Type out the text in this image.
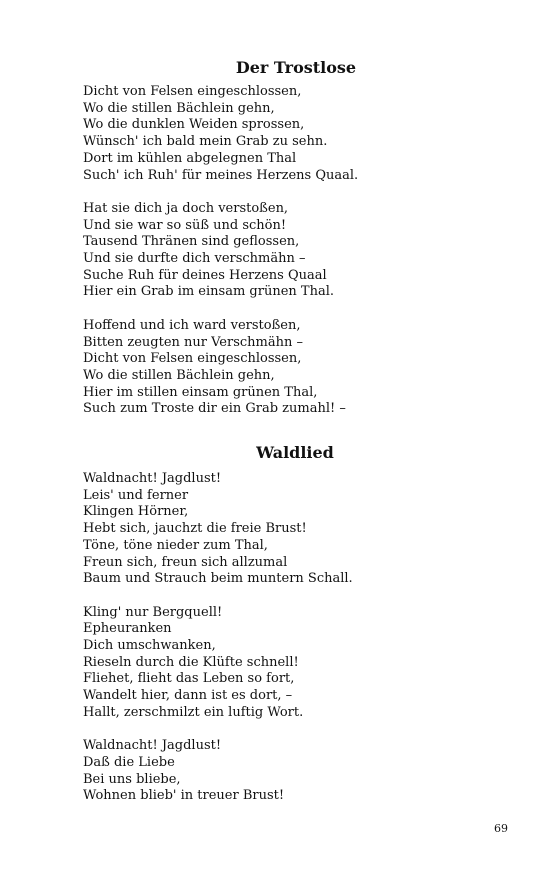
Der Trostlose
Dicht von Felsen eingeschlossen,
Wo die stillen Bächlein gehn,
Wo die dunklen Weiden sprossen,
Wünsch' ich bald mein Grab zu sehn.
Dort im kühlen abgelegnen Thal
Such' ich Ruh' für meines Herzens Quaal.
Hat sie dich ja doch verstoßen,
Und sie war so süß und schön!
Tausend Thränen sind geflossen,
Und sie durfte dich verschmähn –
Suche Ruh für deines Herzens Quaal
Hier ein Grab im einsam grünen Thal.
Hoffend und ich ward verstoßen,
Bitten zeugten nur Verschmähn –
Dicht von Felsen eingeschlossen,
Wo die stillen Bächlein gehn,
Hier im stillen einsam grünen Thal,
Such zum Troste dir ein Grab zumahl! –
Waldlied
Waldnacht! Jagdlust!
Leis' und ferner
Klingen Hörner,
Hebt sich, jauchzt die freie Brust!
Töne, töne nieder zum Thal,
Freun sich, freun sich allzumal
Baum und Strauch beim muntern Schall.
Kling' nur Bergquell!
Epheuranken
Dich umschwanken,
Rieseln durch die Klüfte schnell!
Fliehet, flieht das Leben so fort,
Wandelt hier, dann ist es dort, –
Hallt, zerschmilzt ein luftig Wort.
Waldnacht! Jagdlust!
Daß die Liebe
Bei uns bliebe,
Wohnen blieb' in treuer Brust!
69
